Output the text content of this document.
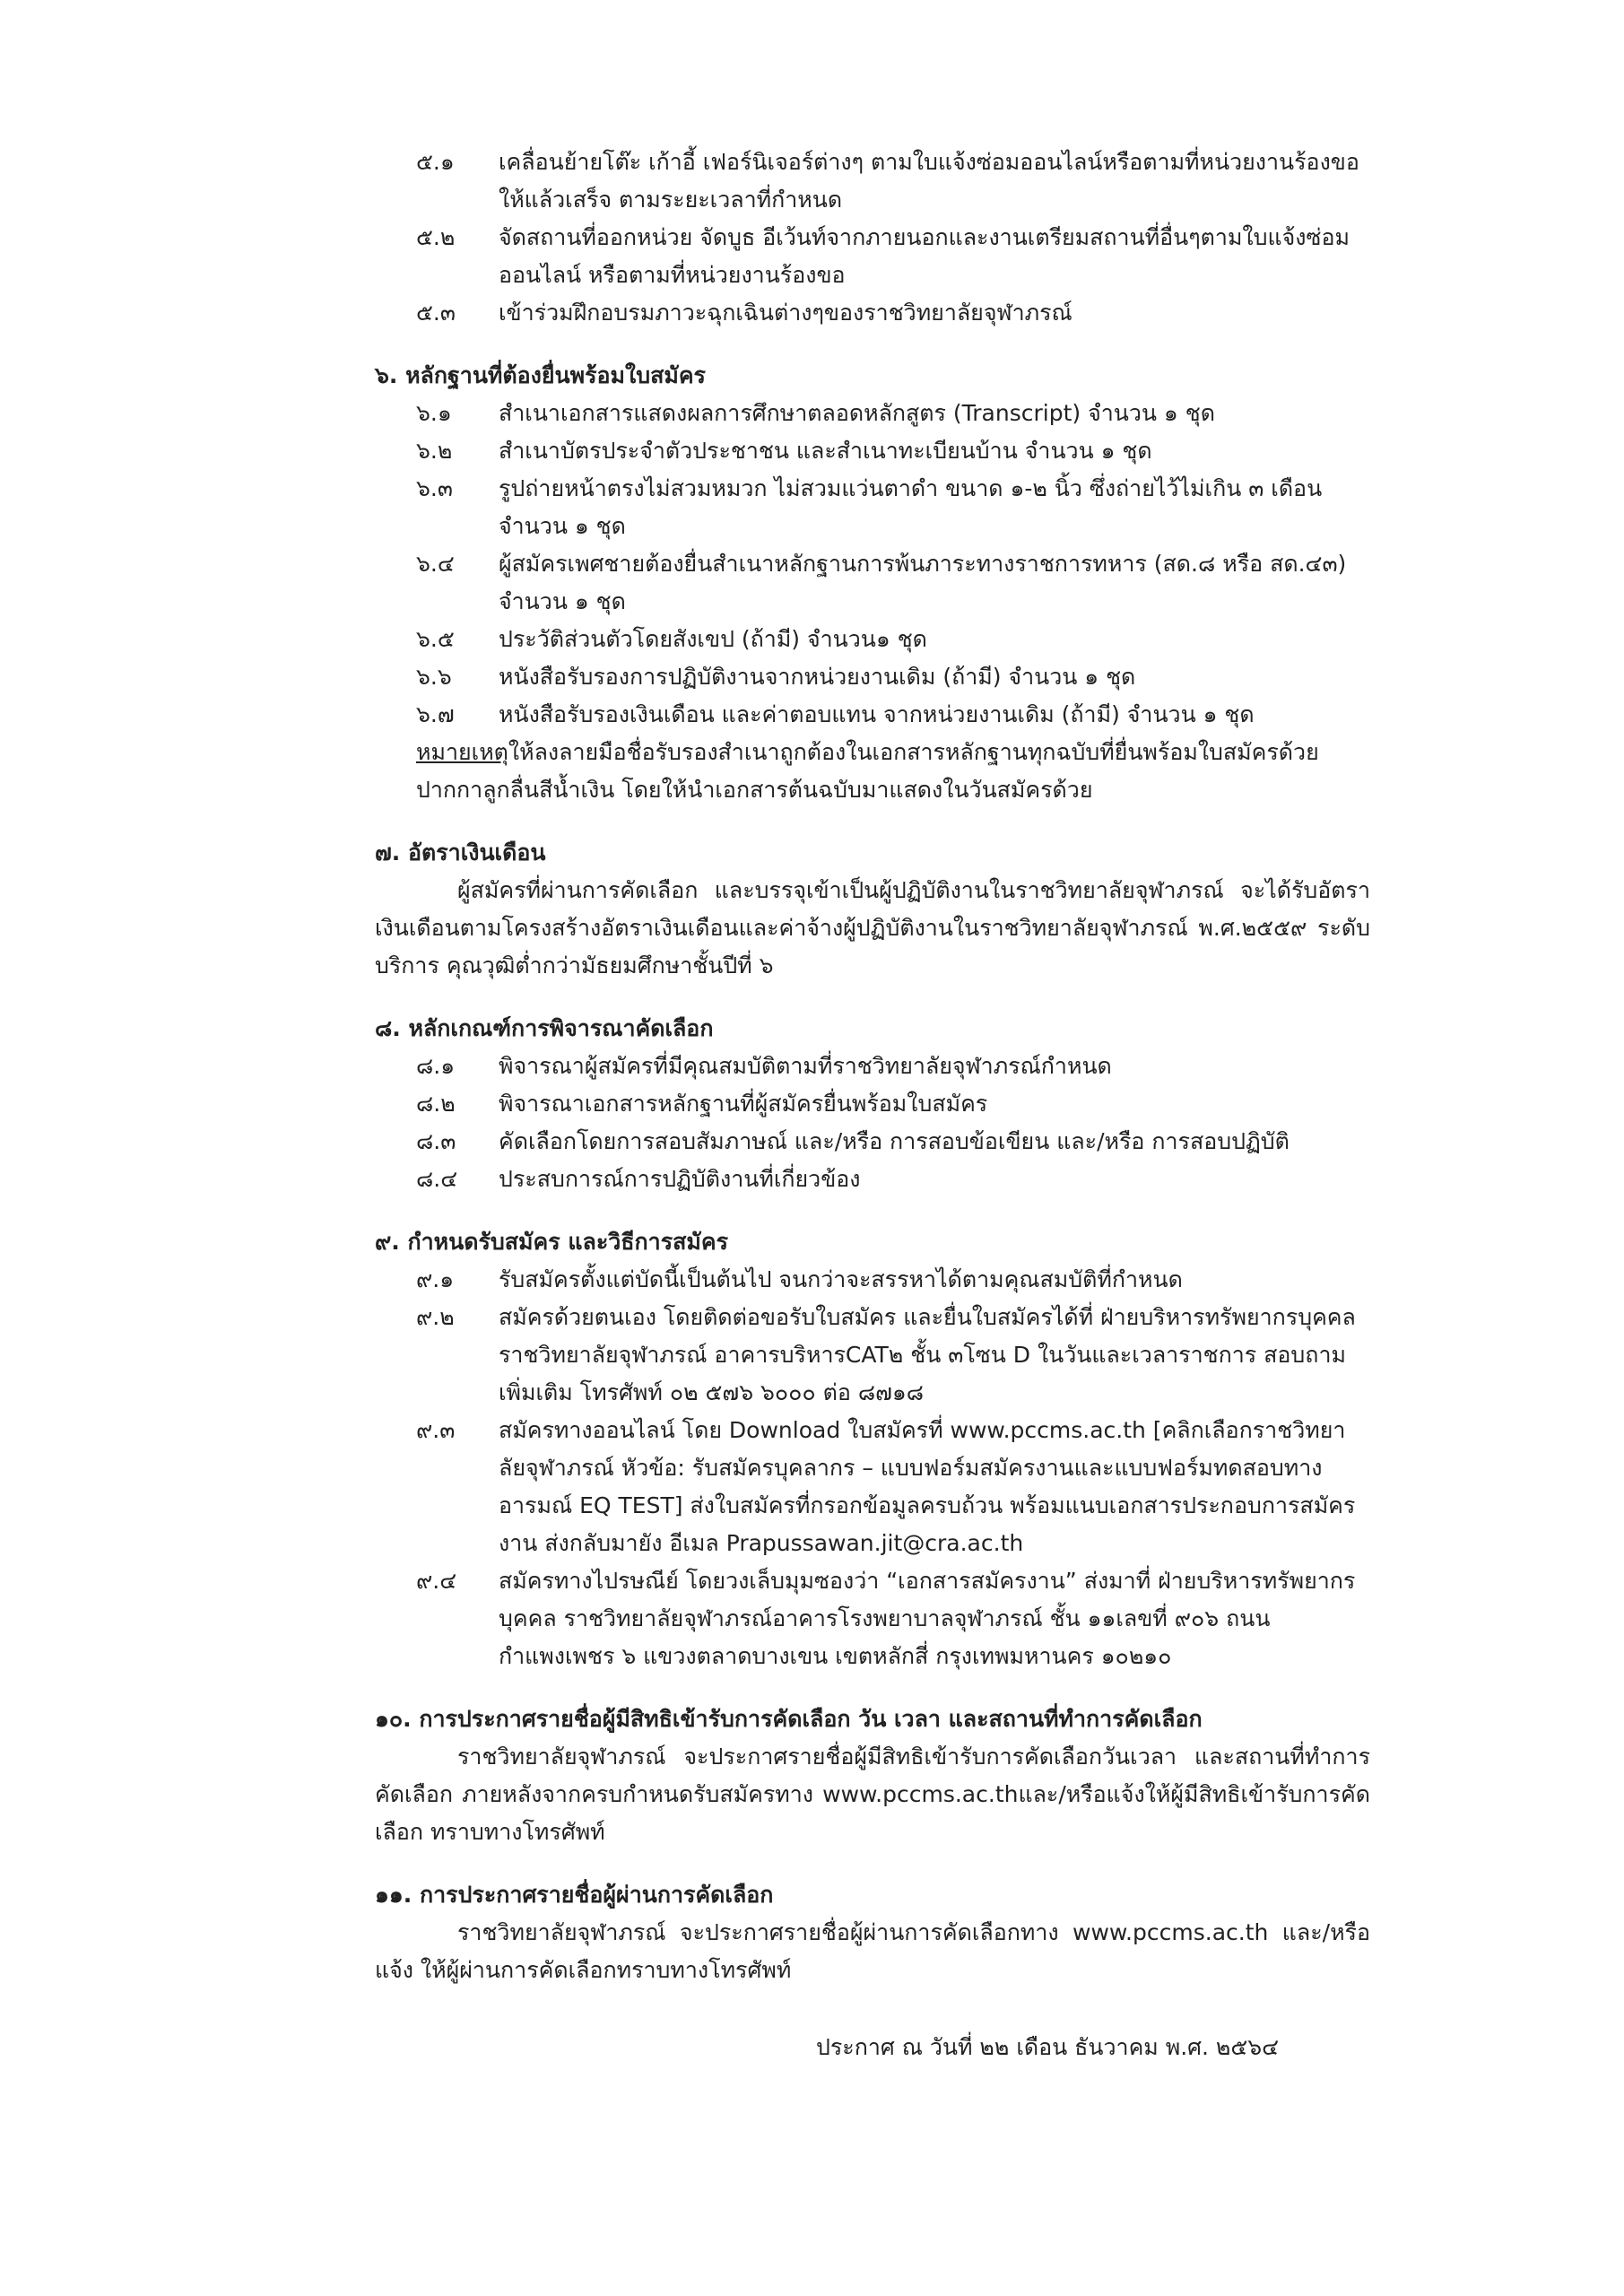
๕.๑	เคลื่อนย้ายโต๊ะ เก้าอี้ เฟอร์นิเจอร์ต่างๆ ตามใบแจ้งซ่อมออนไลน์หรือตามที่หน่วยงานร้องขอให้แล้วเสร็จ ตามระยะเวลาที่กำหนด
๕.๒	จัดสถานที่ออกหน่วย จัดบูธ อีเว้นท์จากภายนอกและงานเตรียมสถานที่อื่นๆตามใบแจ้งซ่อมออนไลน์ หรือตามที่หน่วยงานร้องขอ
๕.๓	เข้าร่วมฝึกอบรมภาวะฉุกเฉินต่างๆของราชวิทยาลัยจุฬาภรณ์
๖. หลักฐานที่ต้องยื่นพร้อมใบสมัคร
๖.๑	สำเนาเอกสารแสดงผลการศึกษาตลอดหลักสูตร (Transcript) จำนวน ๑ ชุด
๖.๒	สำเนาบัตรประจำตัวประชาชน และสำเนาทะเบียนบ้าน จำนวน ๑ ชุด
๖.๓	รูปถ่ายหน้าตรงไม่สวมหมวก ไม่สวมแว่นตาดำ ขนาด ๑-๒ นิ้ว ซึ่งถ่ายไว้ไม่เกิน ๓ เดือน จำนวน ๑ ชุด
๖.๔	ผู้สมัครเพศชายต้องยื่นสำเนาหลักฐานการพ้นภาระทางราชการทหาร (สด.๘ หรือ สด.๔๓) จำนวน ๑ ชุด
๖.๕	ประวัติส่วนตัวโดยสังเขป (ถ้ามี) จำนวน๑ ชุด
๖.๖	หนังสือรับรองการปฏิบัติงานจากหน่วยงานเดิม (ถ้ามี) จำนวน ๑ ชุด
๖.๗	หนังสือรับรองเงินเดือน และค่าตอบแทน จากหน่วยงานเดิม (ถ้ามี) จำนวน ๑ ชุด
หมายเหตุให้ลงลายมือชื่อรับรองสำเนาถูกต้องในเอกสารหลักฐานทุกฉบับที่ยื่นพร้อมใบสมัครด้วย ปากกาลูกลื่นสีน้ำเงิน โดยให้นำเอกสารต้นฉบับมาแสดงในวันสมัครด้วย
๗. อัตราเงินเดือน
ผู้สมัครที่ผ่านการคัดเลือก และบรรจุเข้าเป็นผู้ปฏิบัติงานในราชวิทยาลัยจุฬาภรณ์ จะได้รับอัตราเงินเดือนตามโครงสร้างอัตราเงินเดือนและค่าจ้างผู้ปฏิบัติงานในราชวิทยาลัยจุฬาภรณ์ พ.ศ.๒๕๕๙ ระดับบริการ คุณวุฒิต่ำกว่ามัธยมศึกษาชั้นปีที่ ๖
๘. หลักเกณฑ์การพิจารณาคัดเลือก
๘.๑	พิจารณาผู้สมัครที่มีคุณสมบัติตามที่ราชวิทยาลัยจุฬาภรณ์กำหนด
๘.๒	พิจารณาเอกสารหลักฐานที่ผู้สมัครยื่นพร้อมใบสมัคร
๘.๓	คัดเลือกโดยการสอบสัมภาษณ์ และ/หรือ การสอบข้อเขียน และ/หรือ การสอบปฏิบัติ
๘.๔	ประสบการณ์การปฏิบัติงานที่เกี่ยวข้อง
๙. กำหนดรับสมัคร และวิธีการสมัคร
๙.๑	รับสมัครตั้งแต่บัดนี้เป็นต้นไป จนกว่าจะสรรหาได้ตามคุณสมบัติที่กำหนด
๙.๒	สมัครด้วยตนเอง โดยติดต่อขอรับใบสมัคร และยื่นใบสมัครได้ที่ ฝ่ายบริหารทรัพยากรบุคคล ราชวิทยาลัยจุฬาภรณ์ อาคารบริหารCAT๒ ชั้น ๓โซน D ในวันและเวลาราชการ สอบถามเพิ่มเติม โทรศัพท์ ๐๒ ๕๗๖ ๖๐๐๐ ต่อ ๘๗๑๘
๙.๓	สมัครทางออนไลน์ โดย Download ใบสมัครที่ www.pccms.ac.th [คลิกเลือกราชวิทยาลัยจุฬาภรณ์ หัวข้อ: รับสมัครบุคลากร – แบบฟอร์มสมัครงานและแบบฟอร์มทดสอบทางอารมณ์ EQ TEST] ส่งใบสมัครที่กรอกข้อมูลครบถ้วน พร้อมแนบเอกสารประกอบการสมัครงาน ส่งกลับมายัง อีเมล Prapussawan.jit@cra.ac.th
๙.๔	สมัครทางไปรษณีย์ โดยวงเล็บมุมซองว่า “เอกสารสมัครงาน” ส่งมาที่ ฝ่ายบริหารทรัพยากรบุคคล ราชวิทยาลัยจุฬาภรณ์อาคารโรงพยาบาลจุฬาภรณ์ ชั้น ๑๑เลขที่ ๙๐๖ ถนนกำแพงเพชร ๖ แขวงตลาดบางเขน เขตหลักสี่ กรุงเทพมหานคร ๑๐๒๑๐
๑๐. การประกาศรายชื่อผู้มีสิทธิเข้ารับการคัดเลือก วัน เวลา และสถานที่ทำการคัดเลือก
ราชวิทยาลัยจุฬาภรณ์ จะประกาศรายชื่อผู้มีสิทธิเข้ารับการคัดเลือกวันเวลา และสถานที่ทำการคัดเลือก ภายหลังจากครบกำหนดรับสมัครทาง www.pccms.ac.thและ/หรือแจ้งให้ผู้มีสิทธิเข้ารับการคัดเลือก ทราบทางโทรศัพท์
๑๑. การประกาศรายชื่อผู้ผ่านการคัดเลือก
ราชวิทยาลัยจุฬาภรณ์ จะประกาศรายชื่อผู้ผ่านการคัดเลือกทาง www.pccms.ac.th และ/หรือแจ้ง ให้ผู้ผ่านการคัดเลือกทราบทางโทรศัพท์
ประกาศ ณ วันที่ ๒๒ เดือน ธันวาคม พ.ศ. ๒๕๖๔
